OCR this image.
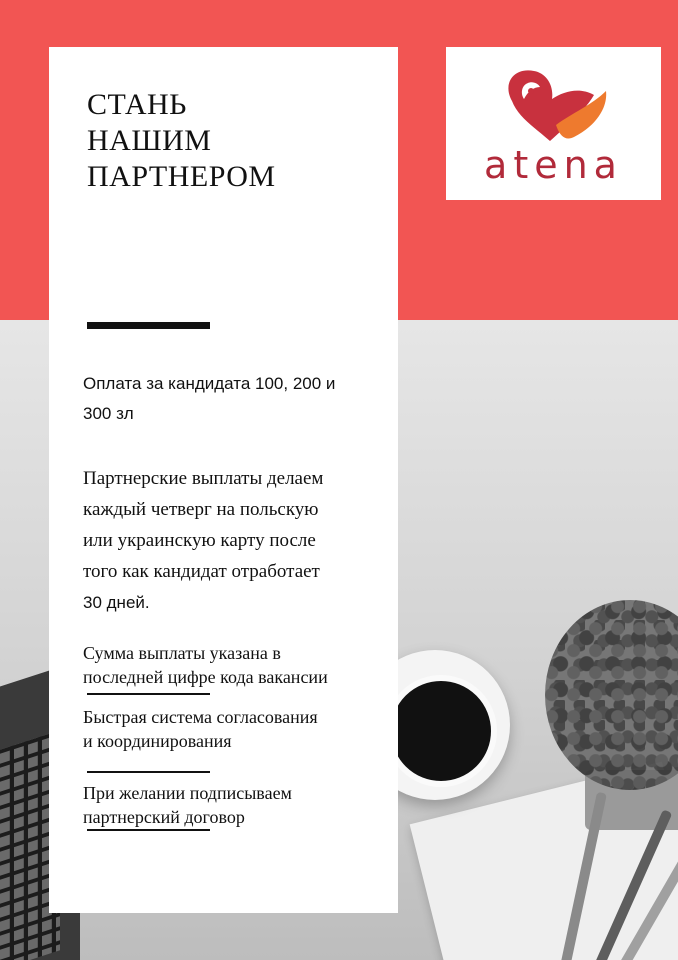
СТАНЬ
НАШИМ
ПАРТНЕРОМ

Оплата за кандидата 100, 200 и
300 зл

Партнерские выплаты делаем
каждый четверг на польскую
или украинскую карту после
того как кандидат отработает
30 дней.

Сумма выплаты указана в
последней цифре кода вакансии

Быстрая система согласования
и координирования

При желании подписываем
партнерский договор

atena
